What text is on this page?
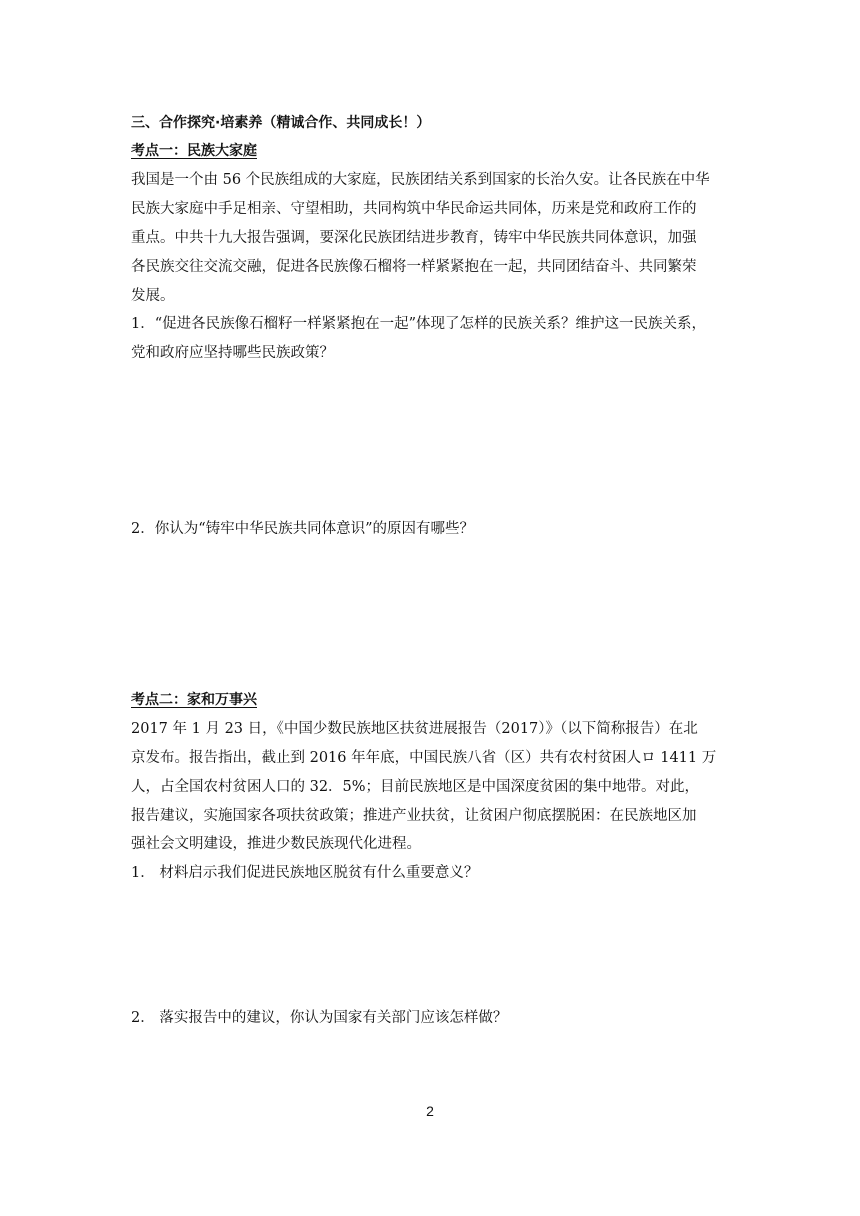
三、合作探究·培素养（精诚合作、共同成长！）
考点一：民族大家庭
我国是一个由 56 个民族组成的大家庭，民族团结关系到国家的长治久安。让各民族在中华
民族大家庭中手足相亲、守望相助，共同构筑中华民命运共同体，历来是党和政府工作的
重点。中共十九大报告强调，要深化民族团结进步教育，铸牢中华民族共同体意识，加强
各民族交往交流交融，促进各民族像石榴将一样紧紧抱在一起，共同团结奋斗、共同繁荣
发展。
1．“促进各民族像石榴籽一样紧紧抱在一起”体现了怎样的民族关系？维护这一民族关系，
党和政府应坚持哪些民族政策？
2．你认为“铸牢中华民族共同体意识”的原因有哪些？
考点二：家和万事兴
2017 年 1 月 23 日，《中国少数民族地区扶贫进展报告（2017）》（以下简称报告）在北
京发布。报告指出，截止到 2016 年年底，中国民族八省（区）共有农村贫困人ロ 1411 万
人，占全国农村贫困人口的 32．5%；目前民族地区是中国深度贫困的集中地带。对此，
报告建议，实施国家各项扶贫政策；推进产业扶贫，让贫困户彻底摆脱困：在民族地区加
强社会文明建设，推进少数民族现代化进程。
1． 材料启示我们促进民族地区脱贫有什么重要意义？
2． 落实报告中的建议，你认为国家有关部门应该怎样做？
2
